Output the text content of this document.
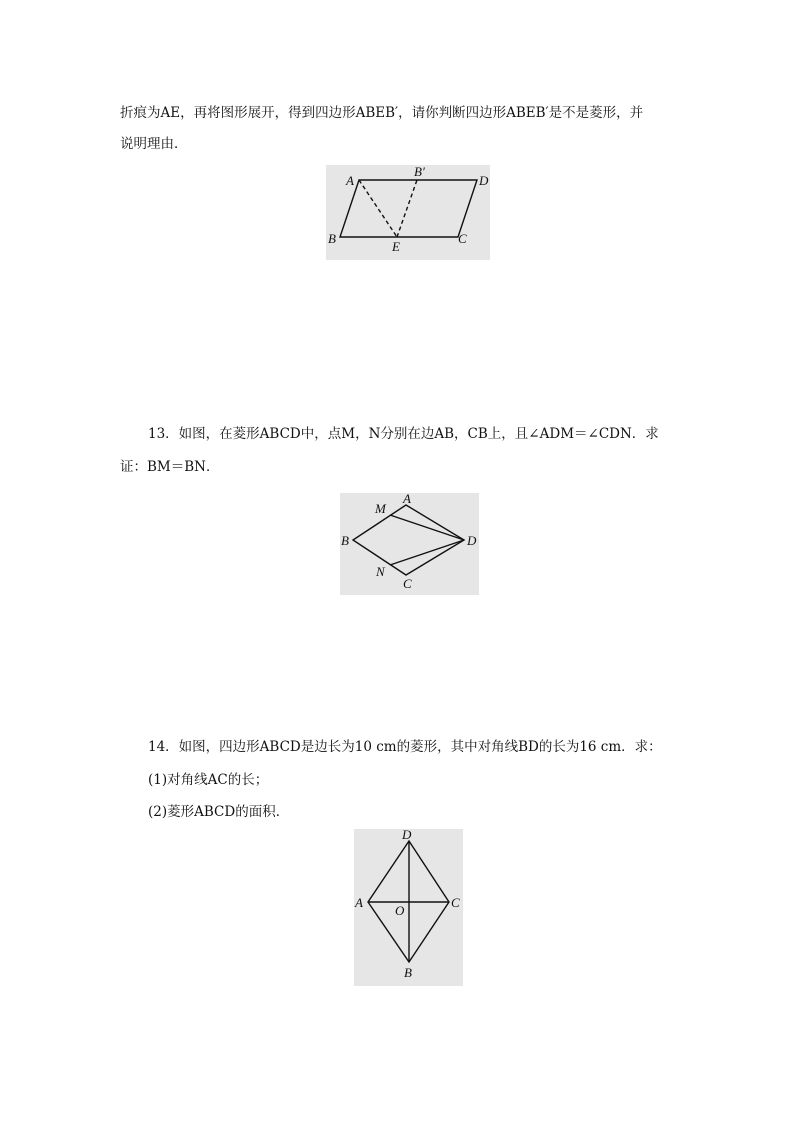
折痕为AE，再将图形展开，得到四边形ABEB′，请你判断四边形ABEB′是不是菱形，并
说明理由．
A
B′
D
B
E
C
13．如图，在菱形ABCD中，点M，N分别在边AB，CB上，且∠ADM＝∠CDN．求
证：BM＝BN．
A
M
B	D
N
C
14．如图，四边形ABCD是边长为10 cm的菱形，其中对角线BD的长为16 cm．求：
(1)对角线AC的长；
(2)菱形ABCD的面积．
D
A
O
C
B
